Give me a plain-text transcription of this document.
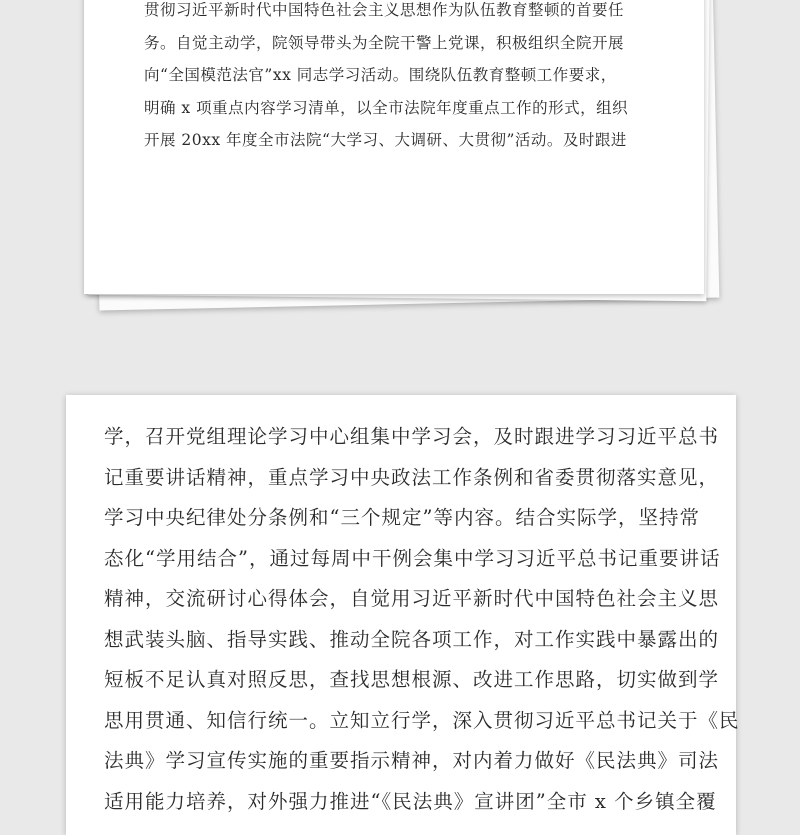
贯彻习近平新时代中国特色社会主义思想作为队伍教育整顿的首要任
务。自觉主动学，院领导带头为全院干警上党课，积极组织全院开展
向“全国模范法官”xx 同志学习活动。围绕队伍教育整顿工作要求，
明确 x 项重点内容学习清单，以全市法院年度重点工作的形式，组织
开展 20xx 年度全市法院“大学习、大调研、大贯彻”活动。及时跟进
学，召开党组理论学习中心组集中学习会，及时跟进学习习近平总书
记重要讲话精神，重点学习中央政法工作条例和省委贯彻落实意见，
学习中央纪律处分条例和“三个规定”等内容。结合实际学，坚持常
态化“学用结合”，通过每周中干例会集中学习习近平总书记重要讲话
精神，交流研讨心得体会，自觉用习近平新时代中国特色社会主义思
想武装头脑、指导实践、推动全院各项工作，对工作实践中暴露出的
短板不足认真对照反思，查找思想根源、改进工作思路，切实做到学
思用贯通、知信行统一。立知立行学，深入贯彻习近平总书记关于《民
法典》学习宣传实施的重要指示精神，对内着力做好《民法典》司法
适用能力培养，对外强力推进“《民法典》宣讲团”全市 x 个乡镇全覆
